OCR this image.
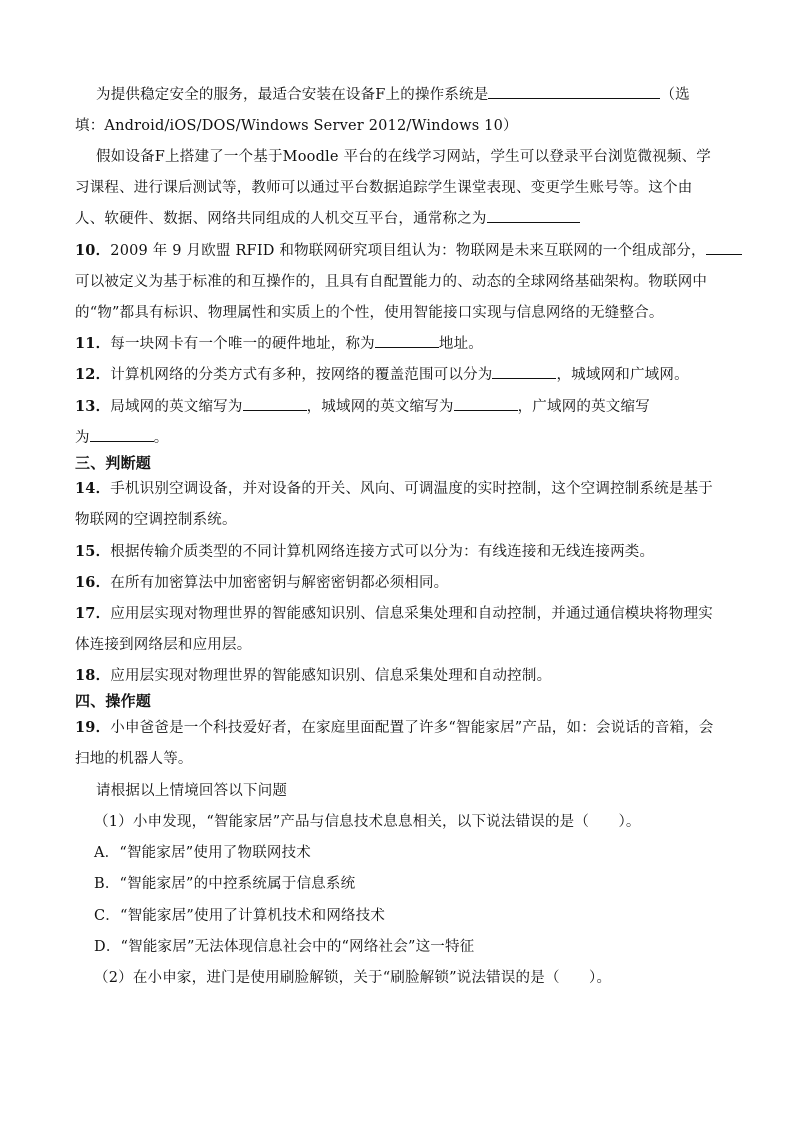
为提供稳定安全的服务，最适合安装在设备F上的操作系统是	（选
填：Android/iOS/DOS/Windows Server 2012/Windows 10）
假如设备F上搭建了一个基于Moodle 平台的在线学习网站，学生可以登录平台浏览微视频、学
习课程、进行课后测试等，教师可以通过平台数据追踪学生课堂表现、变更学生账号等。这个由
人、软硬件、数据、网络共同组成的人机交互平台，通常称之为
10．2009 年 9 月欧盟 RFID 和物联网研究项目组认为：物联网是未来互联网的一个组成部分，
可以被定义为基于标准的和互操作的，且具有自配置能力的、动态的全球网络基础架构。物联网中
的“物”都具有标识、物理属性和实质上的个性，使用智能接口实现与信息网络的无缝整合。
11．每一块网卡有一个唯一的硬件地址，称为	地址。
12．计算机网络的分类方式有多种，按网络的覆盖范围可以分为	，城域网和广域网。
13．局域网的英文缩写为	，城域网的英文缩写为	，广域网的英文缩写
为	。
三、判断题
14．手机识别空调设备，并对设备的开关、风向、可调温度的实时控制，这个空调控制系统是基于
物联网的空调控制系统。
15．根据传输介质类型的不同计算机网络连接方式可以分为：有线连接和无线连接两类。
16．在所有加密算法中加密密钥与解密密钥都必须相同。
17．应用层实现对物理世界的智能感知识别、信息采集处理和自动控制，并通过通信模块将物理实
体连接到网络层和应用层。
18．应用层实现对物理世界的智能感知识别、信息采集处理和自动控制。
四、操作题
19．小申爸爸是一个科技爱好者，在家庭里面配置了许多“智能家居”产品，如：会说话的音箱，会
扫地的机器人等。
请根据以上情境回答以下问题
（1）小申发现，“智能家居”产品与信息技术息息相关，以下说法错误的是（　　）。
A．“智能家居”使用了物联网技术
B．“智能家居”的中控系统属于信息系统
C．“智能家居”使用了计算机技术和网络技术
D．“智能家居”无法体现信息社会中的“网络社会”这一特征
（2）在小申家，进门是使用刷脸解锁，关于“刷脸解锁”说法错误的是（　　）。
